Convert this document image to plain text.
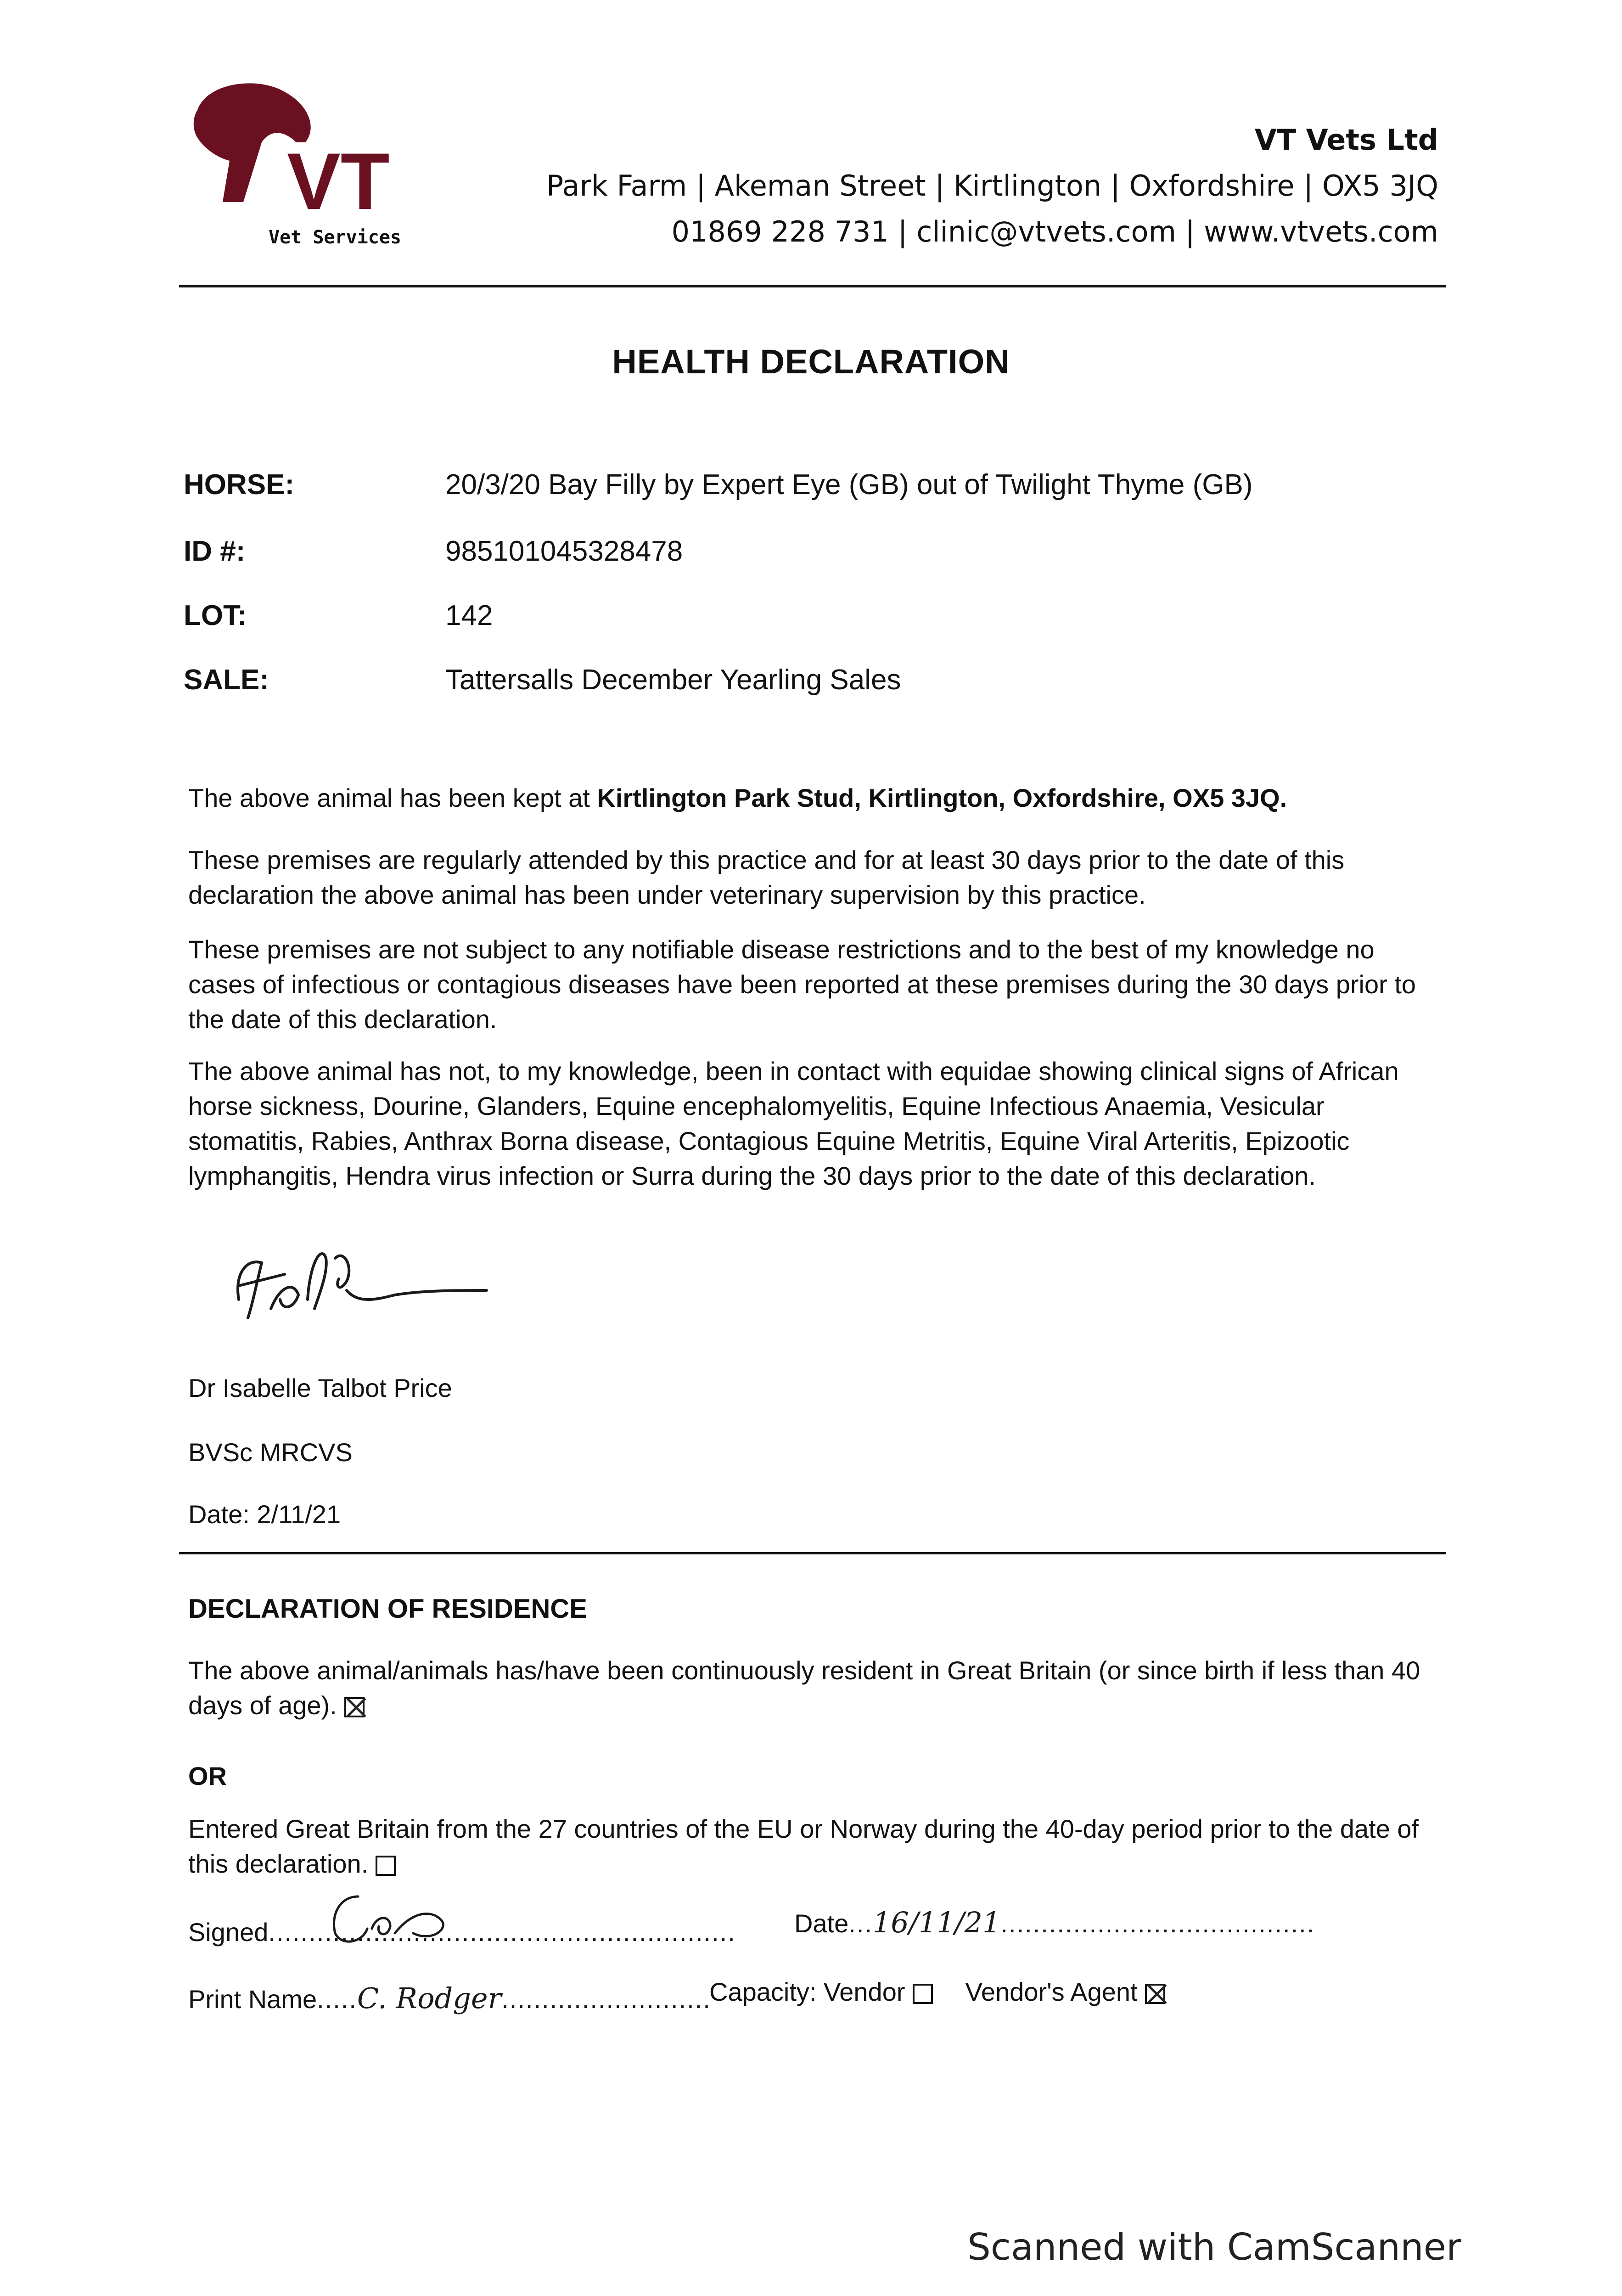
VT
Vet Services
VT Vets Ltd
Park Farm | Akeman Street | Kirtlington | Oxfordshire | OX5 3JQ
01869 228 731 | clinic@vtvets.com | www.vtvets.com
HEALTH DECLARATION
HORSE:	20/3/20 Bay Filly by Expert Eye (GB) out of Twilight Thyme (GB)
ID #:	985101045328478
LOT:	142
SALE:	Tattersalls December Yearling Sales
The above animal has been kept at Kirtlington Park Stud, Kirtlington, Oxfordshire, OX5 3JQ.
These premises are regularly attended by this practice and for at least 30 days prior to the date of this declaration the above animal has been under veterinary supervision by this practice.
These premises are not subject to any notifiable disease restrictions and to the best of my knowledge no cases of infectious or contagious diseases have been reported at these premises during the 30 days prior to the date of this declaration.
The above animal has not, to my knowledge, been in contact with equidae showing clinical signs of African horse sickness, Dourine, Glanders, Equine encephalomyelitis, Equine Infectious Anaemia, Vesicular stomatitis, Rabies, Anthrax Borna disease, Contagious Equine Metritis, Equine Viral Arteritis, Epizootic lymphangitis, Hendra virus infection or Surra during the 30 days prior to the date of this declaration.
Dr Isabelle Talbot Price
BVSc MRCVS
Date: 2/11/21
DECLARATION OF RESIDENCE
The above animal/animals has/have been continuously resident in Great Britain (or since birth if less than 40 days of age).
OR
Entered Great Britain from the 27 countries of the EU or Norway during the 40-day period prior to the date of this declaration.
Signed.......................................................... Date...16/11/21.......................................
Print Name.....C. Rodger..........................
Capacity: Vendor Vendor's Agent
Scanned with CamScanner
